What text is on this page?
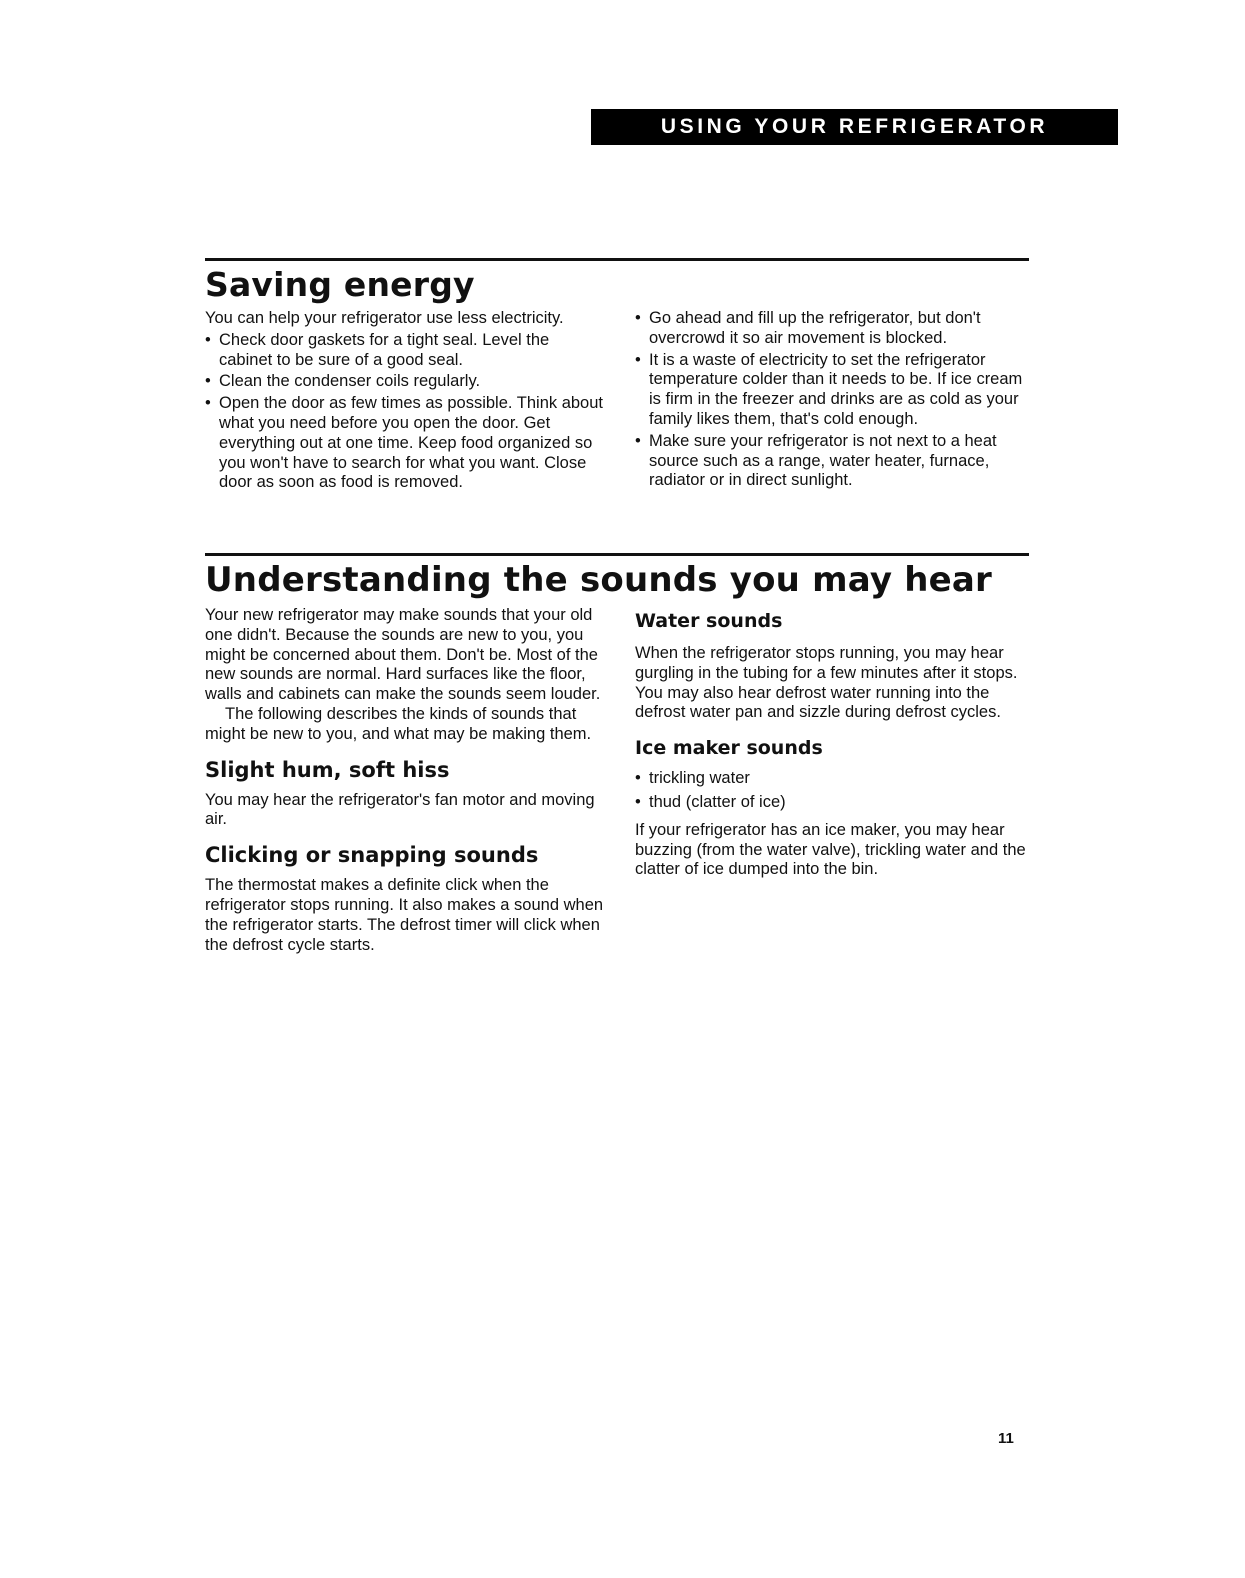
USING YOUR REFRIGERATOR
Saving energy

You can help your refrigerator use less electricity.

• Check door gaskets for a tight seal. Level the cabinet to be sure of a good seal.
• Clean the condenser coils regularly.
• Open the door as few times as possible. Think about what you need before you open the door. Get everything out at one time. Keep food organized so you won't have to search for what you want. Close door as soon as food is removed.
• Go ahead and fill up the refrigerator, but don't overcrowd it so air movement is blocked.
• It is a waste of electricity to set the refrigerator temperature colder than it needs to be. If ice cream is firm in the freezer and drinks are as cold as your family likes them, that's cold enough.
• Make sure your refrigerator is not next to a heat source such as a range, water heater, furnace, radiator or in direct sunlight.
Understanding the sounds you may hear

Your new refrigerator may make sounds that your old one didn't. Because the sounds are new to you, you might be concerned about them. Don't be. Most of the new sounds are normal. Hard surfaces like the floor, walls and cabinets can make the sounds seem louder.

The following describes the kinds of sounds that might be new to you, and what may be making them.

Slight hum, soft hiss

You may hear the refrigerator's fan motor and moving air.

Clicking or snapping sounds

The thermostat makes a definite click when the refrigerator stops running. It also makes a sound when the refrigerator starts. The defrost timer will click when the defrost cycle starts.

Water sounds

When the refrigerator stops running, you may hear gurgling in the tubing for a few minutes after it stops. You may also hear defrost water running into the defrost water pan and sizzle during defrost cycles.

Ice maker sounds
• trickling water
• thud (clatter of ice)

If your refrigerator has an ice maker, you may hear buzzing (from the water valve), trickling water and the clatter of ice dumped into the bin.

11
